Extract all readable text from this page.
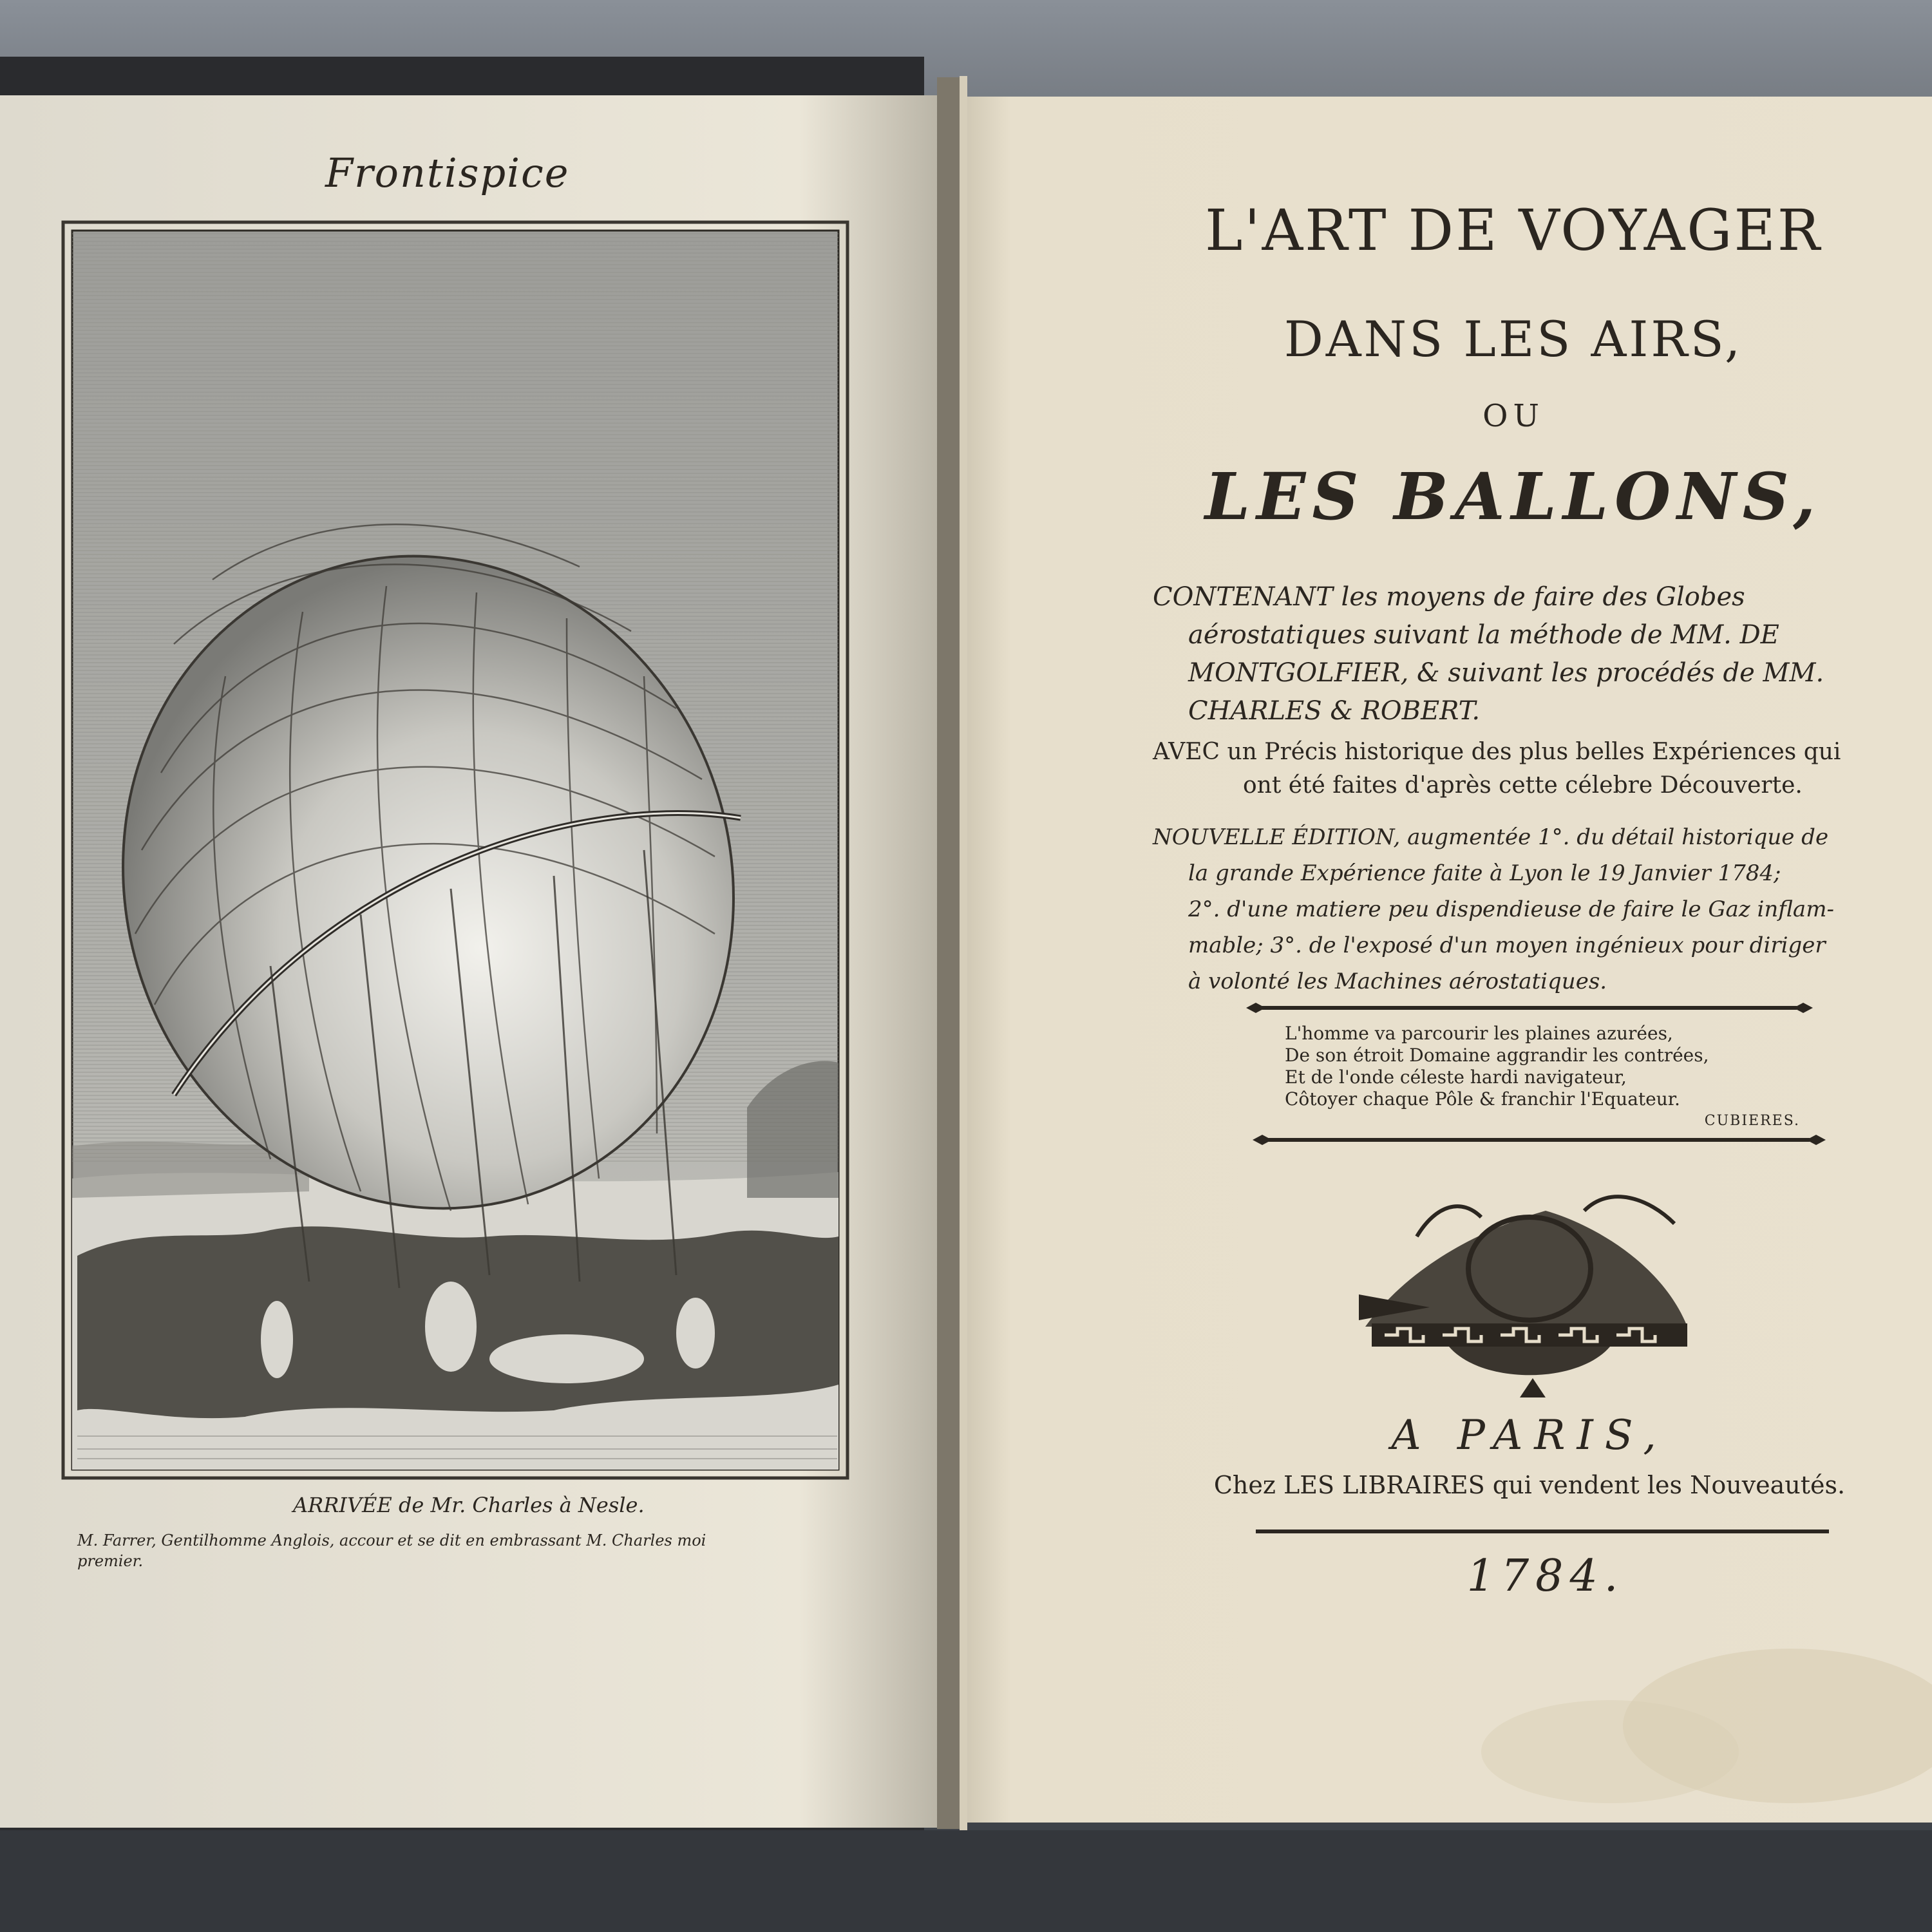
Frontispice
ARRIVÉE de Mr. Charles à Nesle.
M. Farrer, Gentilhomme Anglois, accour et se dit en embrassant M. Charles moi
premier.
L'ART DE VOYAGER
DANS LES AIRS,
OU
LES BALLONS,
CONTENANT les moyens de faire des Globes
aérostatiques suivant la méthode de MM. DE
MONTGOLFIER, & suivant les procédés de MM.
CHARLES & ROBERT.
AVEC un Précis historique des plus belles Expériences qui
ont été faites d'après cette célebre Découverte.
NOUVELLE ÉDITION, augmentée 1°. du détail historique de
la grande Expérience faite à Lyon le 19 Janvier 1784;
2°. d'une matiere peu dispendieuse de faire le Gaz inflam-
mable; 3°. de l'exposé d'un moyen ingénieux pour diriger
à volonté les Machines aérostatiques.
L'homme va parcourir les plaines azurées,
De son étroit Domaine aggrandir les contrées,
Et de l'onde céleste hardi navigateur,
Côtoyer chaque Pôle & franchir l'Equateur.
CUBIERES.
A PARIS,
Chez LES LIBRAIRES qui vendent les Nouveautés.
1784.
